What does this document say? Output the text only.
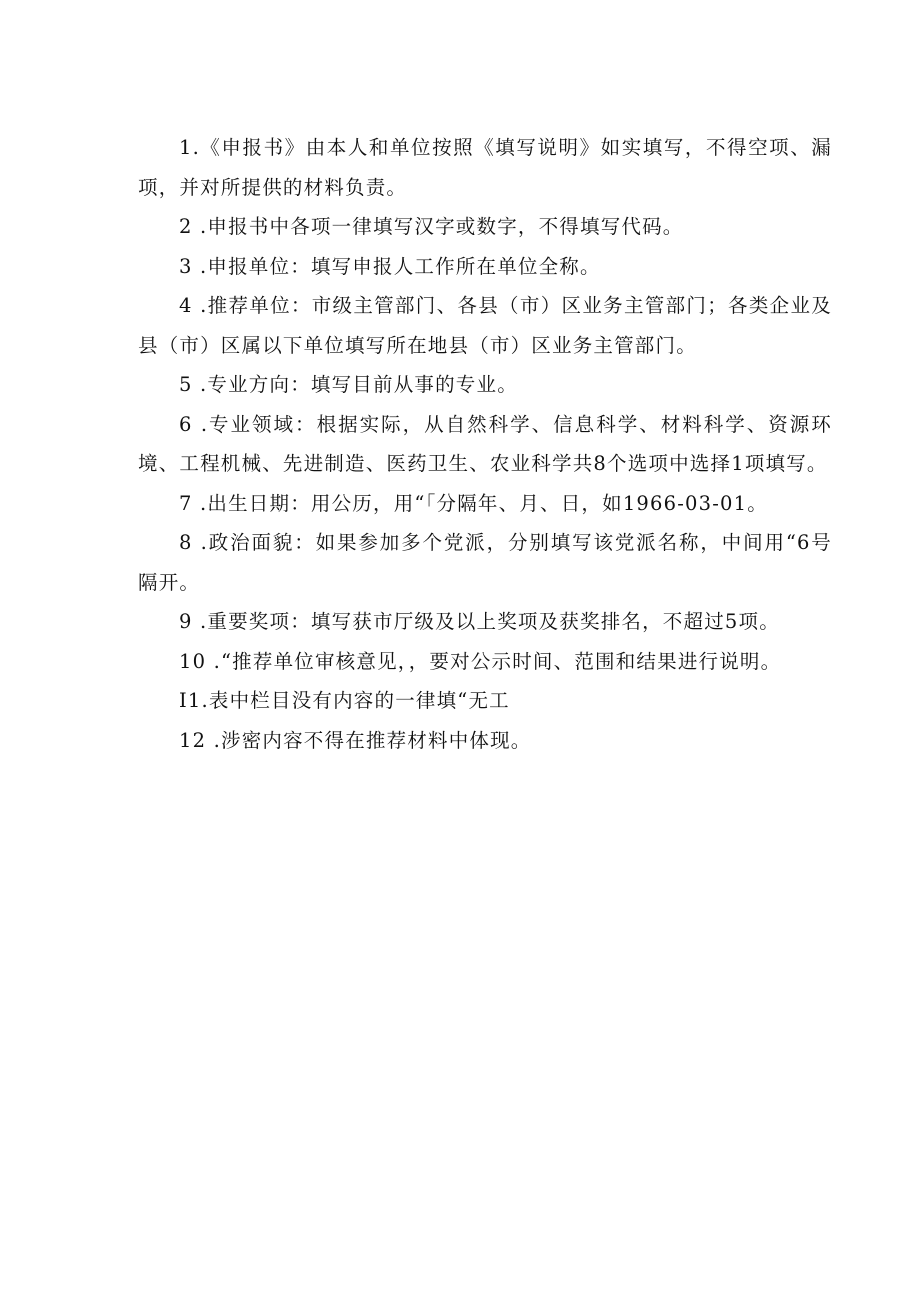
1.《申报书》由本人和单位按照《填写说明》如实填写，不得空项、漏项，并对所提供的材料负责。

2 .申报书中各项一律填写汉字或数字，不得填写代码。

3 .申报单位：填写申报人工作所在单位全称。

4 .推荐单位：市级主管部门、各县（市）区业务主管部门；各类企业及县（市）区属以下单位填写所在地县（市）区业务主管部门。

5 .专业方向：填写目前从事的专业。

6 .专业领域：根据实际，从自然科学、信息科学、材料科学、资源环境、工程机械、先进制造、医药卫生、农业科学共8个选项中选择1项填写。

7 .出生日期：用公历，用“「分隔年、月、日，如1966-03-01。

8 .政治面貌：如果参加多个党派，分别填写该党派名称，中间用“6号隔开。

9 .重要奖项：填写获市厅级及以上奖项及获奖排名，不超过5项。

10 .“推荐单位审核意见，，要对公示时间、范围和结果进行说明。

I1.表中栏目没有内容的一律填“无工

12 .涉密内容不得在推荐材料中体现。
